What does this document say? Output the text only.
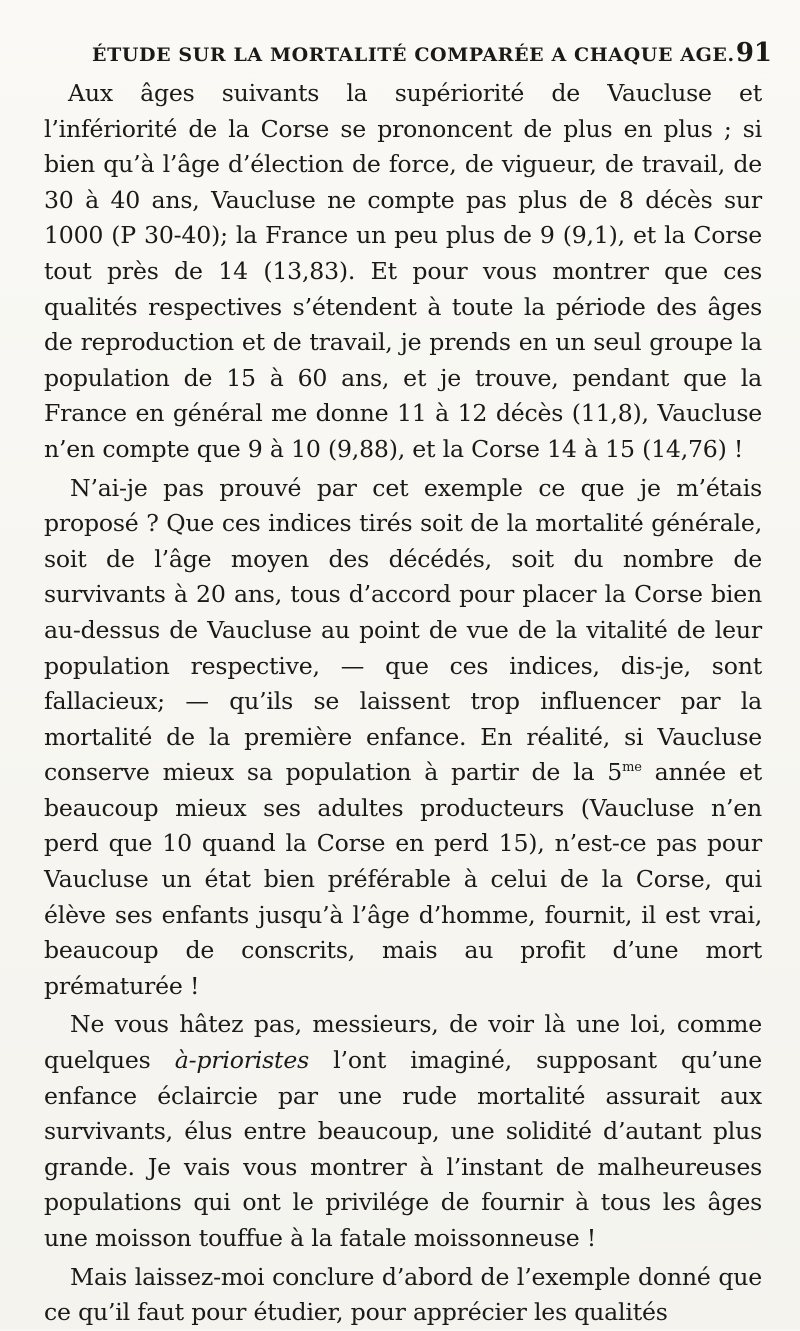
ÉTUDE SUR LA MORTALITÉ COMPARÉE A CHAQUE AGE. 91

Aux âges suivants la supériorité de Vaucluse et l’infériorité de la Corse se prononcent de plus en plus ; si bien qu’à l’âge d’élection de force, de vigueur, de travail, de 30 à 40 ans, Vaucluse ne compte pas plus de 8 décès sur 1000 (P 30-40); la France un peu plus de 9 (9,1), et la Corse tout près de 14 (13,83). Et pour vous montrer que ces qualités respectives s’étendent à toute la période des âges de reproduction et de travail, je prends en un seul groupe la population de 15 à 60 ans, et je trouve, pendant que la France en général me donne 11 à 12 décès (11,8), Vaucluse n’en compte que 9 à 10 (9,88), et la Corse 14 à 15 (14,76) !

N’ai-je pas prouvé par cet exemple ce que je m’étais proposé ? Que ces indices tirés soit de la mortalité générale, soit de l’âge moyen des décédés, soit du nombre de survivants à 20 ans, tous d’accord pour placer la Corse bien au-dessus de Vaucluse au point de vue de la vitalité de leur population respective, — que ces indices, dis-je, sont fallacieux; — qu’ils se laissent trop influencer par la mortalité de la première enfance. En réalité, si Vaucluse conserve mieux sa population à partir de la $5^{me}$ année et beaucoup mieux ses adultes producteurs (Vaucluse n’en perd que 10 quand la Corse en perd 15), n’est-ce pas pour Vaucluse un état bien préférable à celui de la Corse, qui élève ses enfants jusqu’à l’âge d’homme, fournit, il est vrai, beaucoup de conscrits, mais au profit d’une mort prématurée !

Ne vous hâtez pas, messieurs, de voir là une loi, comme quelques à-prioristes l’ont imaginé, supposant qu’une enfance éclaircie par une rude mortalité assurait aux survivants, élus entre beaucoup, une solidité d’autant plus grande. Je vais vous montrer à l’instant de malheureuses populations qui ont le privilége de fournir à tous les âges une moisson touffue à la fatale moissonneuse !

Mais laissez-moi conclure d’abord de l’exemple donné que ce qu’il faut pour étudier, pour apprécier les qualités
